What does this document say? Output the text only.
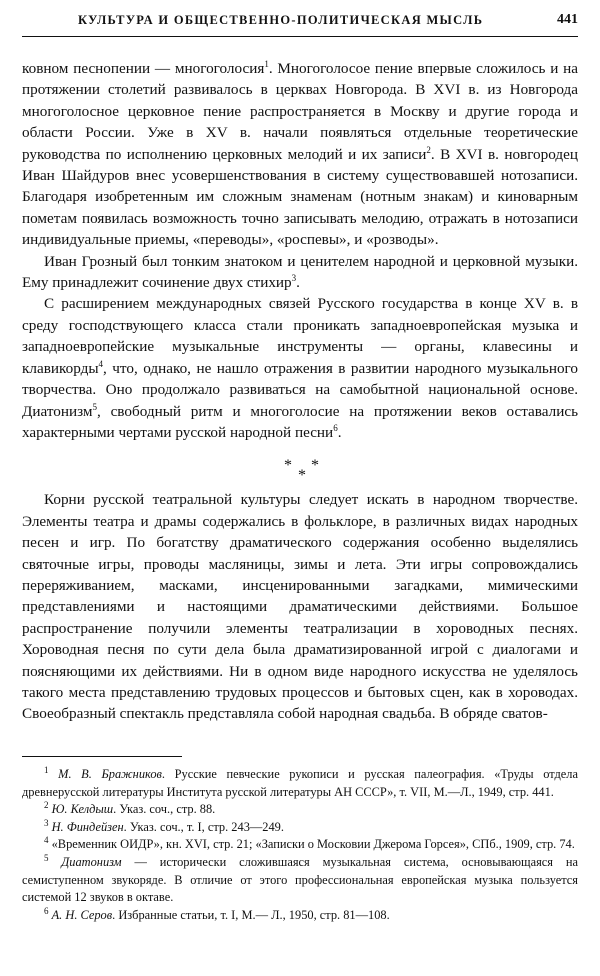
КУЛЬТУРА И ОБЩЕСТВЕННО-ПОЛИТИЧЕСКАЯ МЫСЛЬ	441

ковном песнопении — многоголосия$^1$. Многоголосое пение впервые сложилось и на протяжении столетий развивалось в церквах Новгорода. В XVI в. из Новгорода многоголосное церковное пение распространяется в Москву и другие города и области России. Уже в XV в. начали появляться отдельные теоретические руководства по исполнению церковных мелодий и их записи$^2$. В XVI в. новгородец Иван Шайдуров внес усовершенствования в систему существовавшей нотозаписи. Благодаря изобретенным им сложным знаменам (нотным знакам) и киноварным пометам появилась возможность точно записывать мелодию, отражать в нотозаписи индивидуальные приемы, «переводы», «роспевы», и «розводы».

Иван Грозный был тонким знатоком и ценителем народной и церковной музыки. Ему принадлежит сочинение двух стихир$^3$.

С расширением международных связей Русского государства в конце XV в. в среду господствующего класса стали проникать западноевропейская музыка и западноевропейские музыкальные инструменты — органы, клавесины и клавикорды$^4$, что, однако, не нашло отражения в развитии народного музыкального творчества. Оно продолжало развиваться на самобытной национальной основе. Диатонизм$^5$, свободный ритм и многоголосие на протяжении веков оставались характерными чертами русской народной песни$^6$.

* *
*

Корни русской театральной культуры следует искать в народном творчестве. Элементы театра и драмы содержались в фольклоре, в различных видах народных песен и игр. По богатству драматического содержания особенно выделялись святочные игры, проводы масляницы, зимы и лета. Эти игры сопровождались переряживанием, масками, инсценированными загадками, мимическими представлениями и настоящими драматическими действиями. Большое распространение получили элементы театрализации в хороводных песнях. Хороводная песня по сути дела была драматизированной игрой с диалогами и поясняющими их действиями. Ни в одном виде народного искусства не уделялось такого места представлению трудовых процессов и бытовых сцен, как в хороводах. Своеобразный спектакль представляла собой народная свадьба. В обряде сватов-

$^1$ М. В. Бражников. Русские певческие рукописи и русская палеография. «Труды отдела древнерусской литературы Института русской литературы АН СССР», т. VII, М.—Л., 1949, стр. 441.

$^2$ Ю. Келдыш. Указ. соч., стр. 88.

$^3$ Н. Финдейзен. Указ. соч., т. I, стр. 243—249.

$^4$ «Временник ОИДР», кн. XVI, стр. 21; «Записки о Московии Джерома Горсея», СПб., 1909, стр. 74.

$^5$ Диатонизм — исторически сложившаяся музыкальная система, основывающаяся на семиступенном звукоряде. В отличие от этого профессиональная европейская музыка пользуется системой 12 звуков в октаве.

$^6$ А. Н. Серов. Избранные статьи, т. I, М.— Л., 1950, стр. 81—108.
